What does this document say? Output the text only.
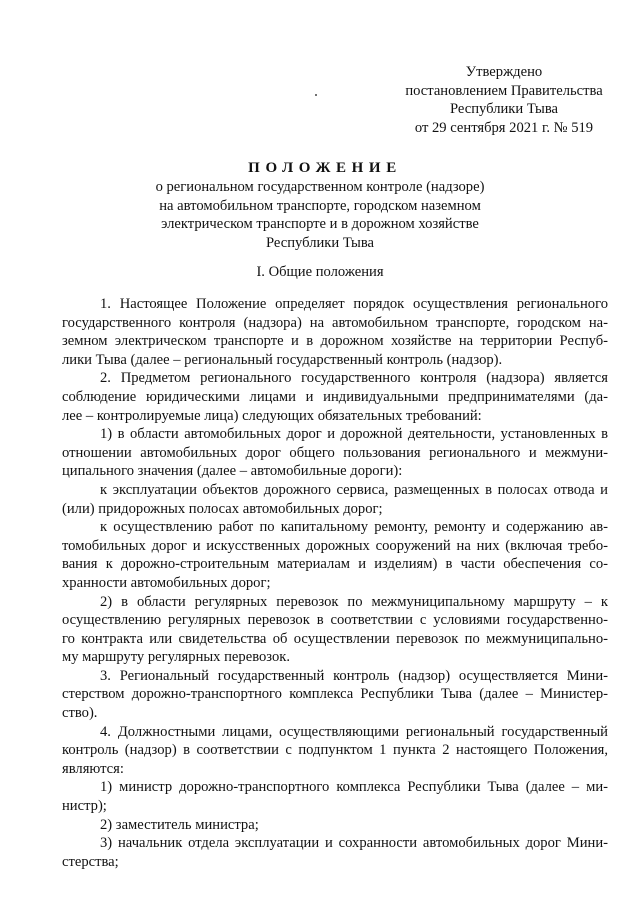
Утверждено
постановлением Правительства
Республики Тыва
от 29 сентября 2021 г. № 519
ПОЛОЖЕНИЕ
о региональном государственном контроле (надзоре)
на автомобильном транспорте, городском наземном
электрическом транспорте и в дорожном хозяйстве
Республики Тыва
I. Общие положения
1. Настоящее Положение определяет порядок осуществления регионального
государственного контроля (надзора) на автомобильном транспорте, городском на-
земном электрическом транспорте и в дорожном хозяйстве на территории Респуб-
лики Тыва (далее – региональный государственный контроль (надзор).
2. Предметом регионального государственного контроля (надзора) является
соблюдение юридическими лицами и индивидуальными предпринимателями (да-
лее – контролируемые лица) следующих обязательных требований:
1) в области автомобильных дорог и дорожной деятельности, установленных в
отношении автомобильных дорог общего пользования регионального и межмуни-
ципального значения (далее – автомобильные дороги):
к эксплуатации объектов дорожного сервиса, размещенных в полосах отвода и
(или) придорожных полосах автомобильных дорог;
к осуществлению работ по капитальному ремонту, ремонту и содержанию ав-
томобильных дорог и искусственных дорожных сооружений на них (включая требо-
вания к дорожно-строительным материалам и изделиям) в части обеспечения со-
хранности автомобильных дорог;
2) в области регулярных перевозок по межмуниципальному маршруту – к
осуществлению регулярных перевозок в соответствии с условиями государственно-
го контракта или свидетельства об осуществлении перевозок по межмуниципально-
му маршруту регулярных перевозок.
3. Региональный государственный контроль (надзор) осуществляется Мини-
стерством дорожно-транспортного комплекса Республики Тыва (далее – Министер-
ство).
4. Должностными лицами, осуществляющими региональный государственный
контроль (надзор) в соответствии с подпунктом 1 пункта 2 настоящего Положения,
являются:
1) министр дорожно-транспортного комплекса Республики Тыва (далее – ми-
нистр);
2) заместитель министра;
3) начальник отдела эксплуатации и сохранности автомобильных дорог Мини-
стерства;
